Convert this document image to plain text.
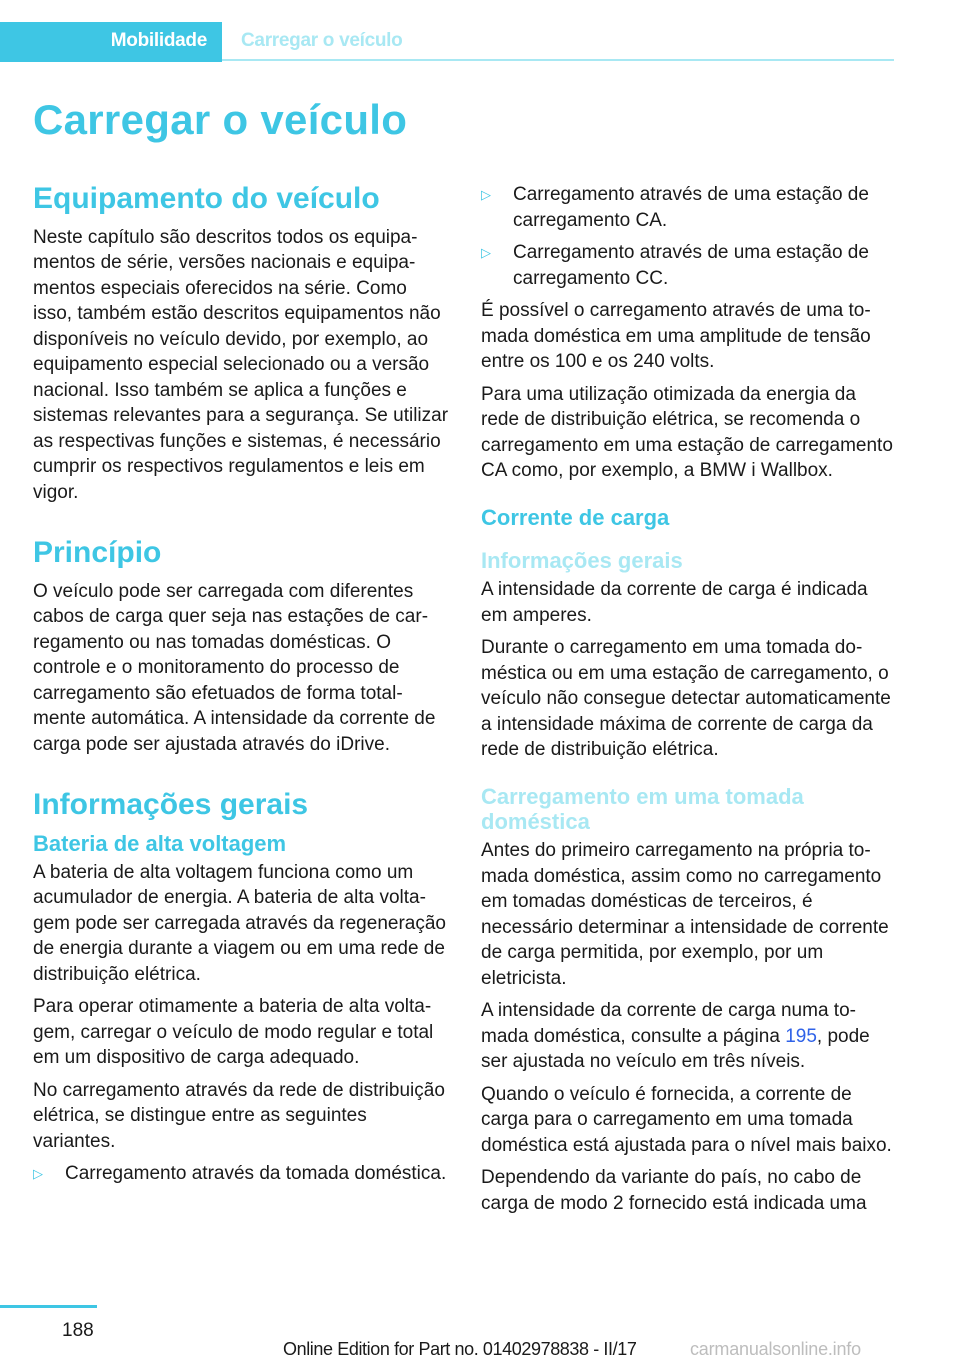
Mobilidade Carregar o veículo
Carregar o veículo
Equipamento do veículo

Neste capítulo são descritos todos os equipamentos de série, versões nacionais e equipamentos especiais oferecidos na série. Como isso, também estão descritos equipamentos não disponíveis no veículo devido, por exemplo, ao equipamento especial selecionado ou a versão nacional. Isso também se aplica a funções e sistemas relevantes para a segurança. Se utilizar as respectivas funções e sistemas, é necessário cumprir os respectivos regulamentos e leis em vigor.

Princípio

O veículo pode ser carregada com diferentes cabos de carga quer seja nas estações de carregamento ou nas tomadas domésticas. O controle e o monitoramento do processo de carregamento são efetuados de forma totalmente automática. A intensidade da corrente de carga pode ser ajustada através do iDrive.

Informações gerais
Bateria de alta voltagem

A bateria de alta voltagem funciona como um acumulador de energia. A bateria de alta voltagem pode ser carregada através da regeneração de energia durante a viagem ou em uma rede de distribuição elétrica.

Para operar otimamente a bateria de alta voltagem, carregar o veículo de modo regular e total em um dispositivo de carga adequado.

No carregamento através da rede de distribuição elétrica, se distingue entre as seguintes variantes.

▷ Carregamento através da tomada doméstica.
▷ Carregamento através de uma estação de carregamento CA.
▷ Carregamento através de uma estação de carregamento CC.

É possível o carregamento através de uma tomada doméstica em uma amplitude de tensão entre os 100 e os 240 volts.

Para uma utilização otimizada da energia da rede de distribuição elétrica, se recomenda o carregamento em uma estação de carregamento CA como, por exemplo, a BMW i Wallbox.

Corrente de carga
Informações gerais

A intensidade da corrente de carga é indicada em amperes.

Durante o carregamento em uma tomada doméstica ou em uma estação de carregamento, o veículo não consegue detectar automaticamente a intensidade máxima de corrente de carga da rede de distribuição elétrica.

Carregamento em uma tomada doméstica

Antes do primeiro carregamento na própria tomada doméstica, assim como no carregamento em tomadas domésticas de terceiros, é necessário determinar a intensidade de corrente de carga permitida, por exemplo, por um eletricista.

A intensidade da corrente de carga numa tomada doméstica, consulte a página 195, pode ser ajustada no veículo em três níveis.

Quando o veículo é fornecida, a corrente de carga para o carregamento em uma tomada doméstica está ajustada para o nível mais baixo.

Dependendo da variante do país, no cabo de carga de modo 2 fornecido está indicada uma

188
Online Edition for Part no. 01402978838 - II/17	carmanualsonline.info
